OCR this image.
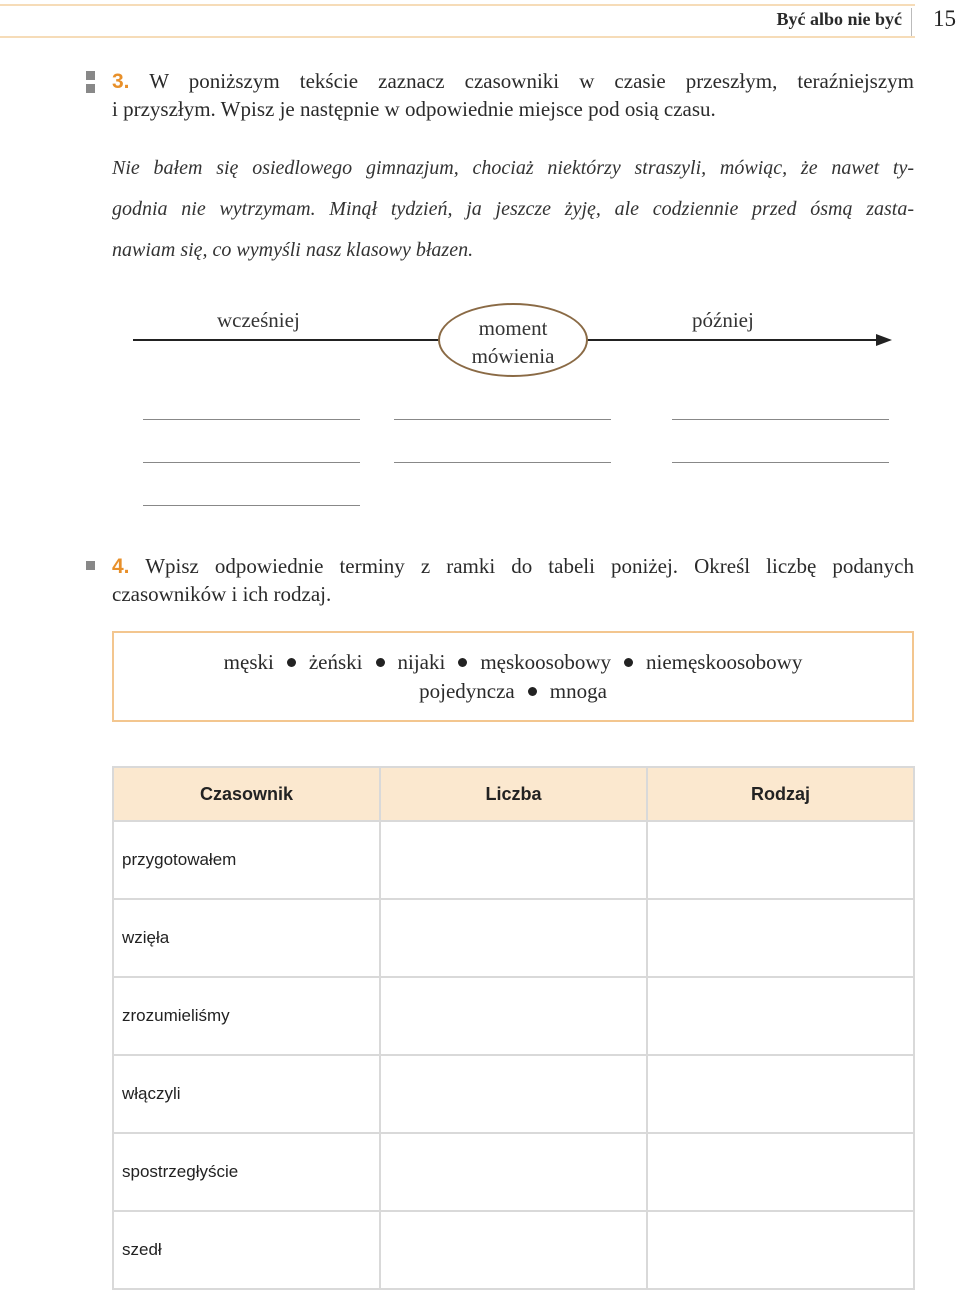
Być albo nie być 15
3. W poniższym tekście zaznacz czasowniki w czasie przeszłym, teraźniejszym
i przyszłym. Wpisz je następnie w odpowiednie miejsce pod osią czasu.
Nie bałem się osiedlowego gimnazjum, chociaż niektórzy straszyli, mówiąc, że nawet ty-
godnia nie wytrzymam. Minął tydzień, ja jeszcze żyję, ale codziennie przed ósmą zasta-
nawiam się, co wymyśli nasz klasowy błazen.
wcześniej	później
moment
mówienia
4. Wpisz odpowiednie terminy z ramki do tabeli poniżej. Określ liczbę podanych
czasowników i ich rodzaj.
męski żeński nijaki męskoosobowy niemęskoosobowy
pojedyncza mnoga
Czasownik	Liczba	Rodzaj
przygotowałem		
wzięła		
zrozumieliśmy		
włączyli		
spostrzegłyście		
szedł		
